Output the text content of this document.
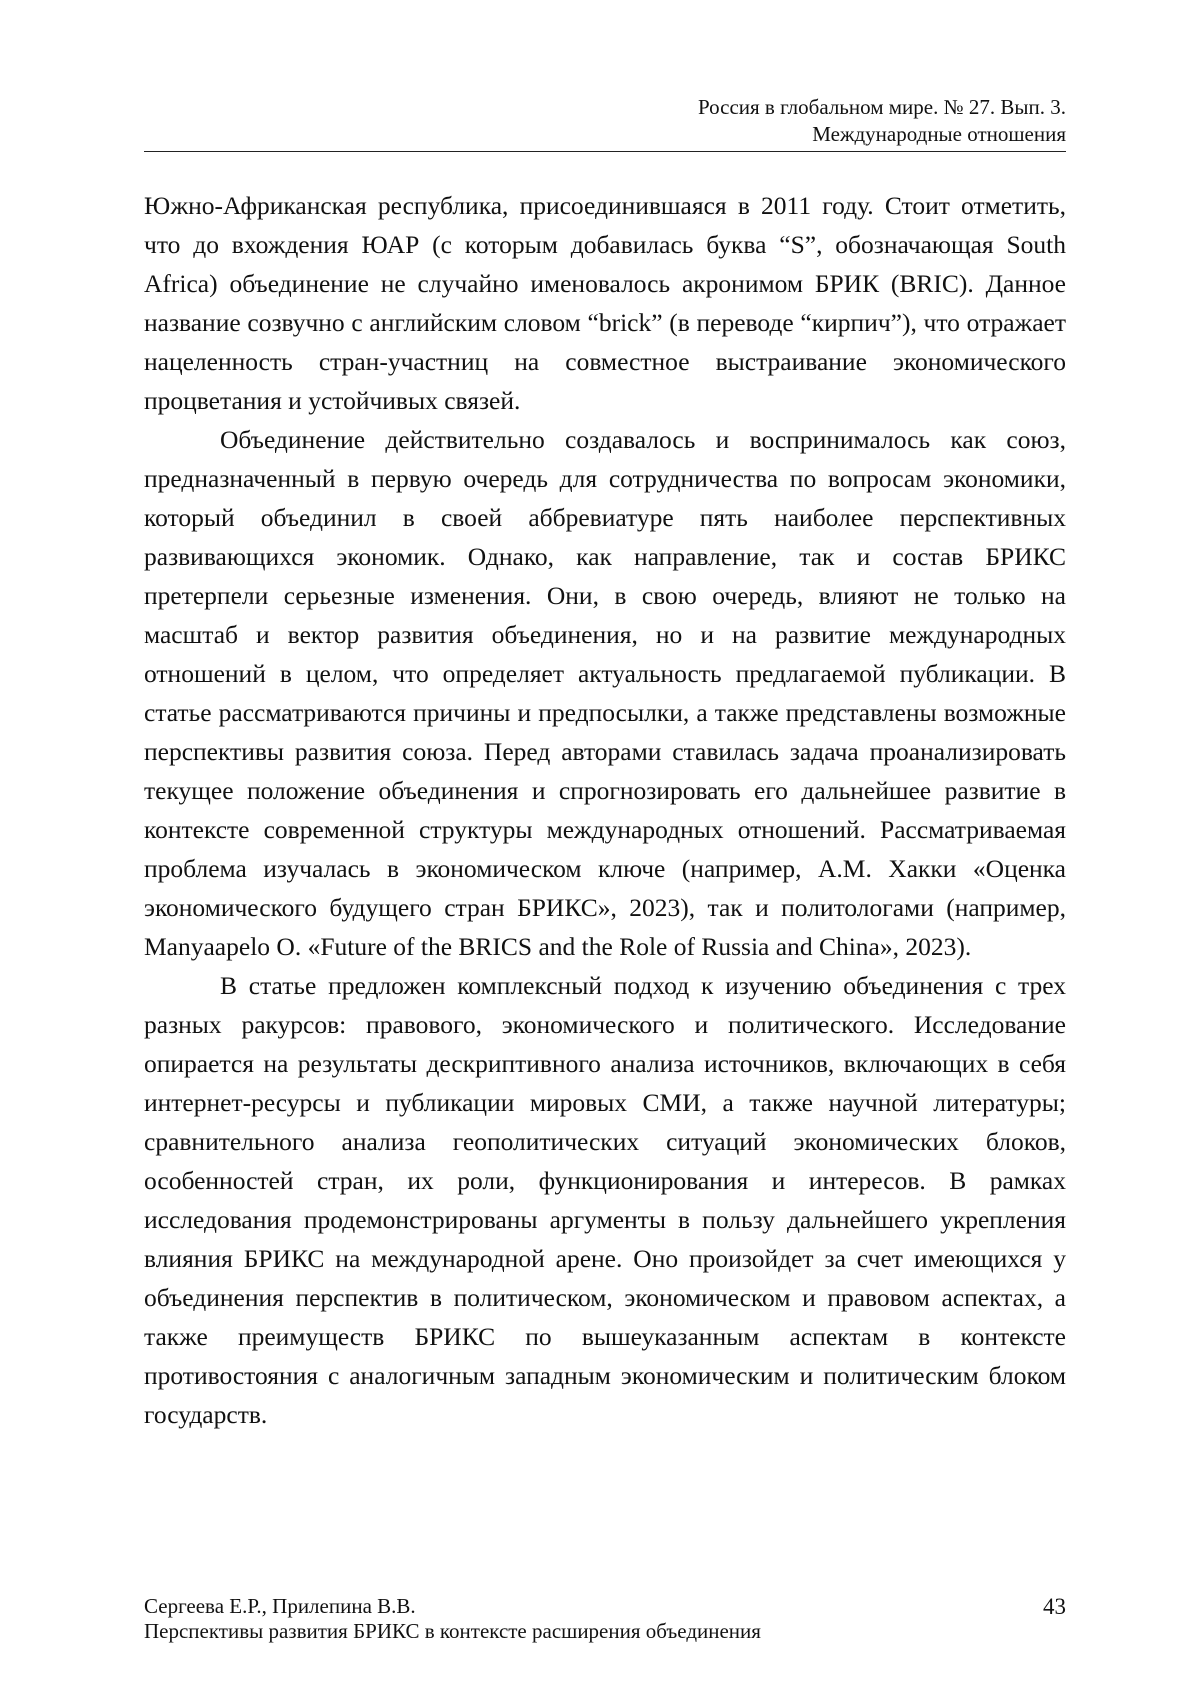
Россия в глобальном мире. № 27. Вып. 3.
Международные отношения

Южно-Африканская республика, присоединившаяся в 2011 году. Стоит отметить, что до вхождения ЮАР (с которым добавилась буква “S”, обозначающая South Africa) объединение не случайно именовалось акронимом БРИК (BRIC). Данное название созвучно с английским словом “brick” (в переводе “кирпич”), что отражает нацеленность стран-участниц на совместное выстраивание экономического процветания и устойчивых связей.

Объединение действительно создавалось и воспринималось как союз, предназначенный в первую очередь для сотрудничества по вопросам экономики, который объединил в своей аббревиатуре пять наиболее перспективных развивающихся экономик. Однако, как направление, так и состав БРИКС претерпели серьезные изменения. Они, в свою очередь, влияют не только на масштаб и вектор развития объединения, но и на развитие международных отношений в целом, что определяет актуальность предлагаемой публикации. В статье рассматриваются причины и предпосылки, а также представлены возможные перспективы развития союза. Перед авторами ставилась задача проанализировать текущее положение объединения и спрогнозировать его дальнейшее развитие в контексте современной структуры международных отношений. Рассматриваемая проблема изучалась в экономическом ключе (например, А.М. Хакки «Оценка экономического будущего стран БРИКС», 2023), так и политологами (например, Manyaapelo O. «Future of the BRICS and the Role of Russia and China», 2023).

В статье предложен комплексный подход к изучению объединения с трех разных ракурсов: правового, экономического и политического. Исследование опирается на результаты дескриптивного анализа источников, включающих в себя интернет-ресурсы и публикации мировых СМИ, а также научной литературы; сравнительного анализа геополитических ситуаций экономических блоков, особенностей стран, их роли, функционирования и интересов. В рамках исследования продемонстрированы аргументы в пользу дальнейшего укрепления влияния БРИКС на международной арене. Оно произойдет за счет имеющихся у объединения перспектив в политическом, экономическом и правовом аспектах, а также преимуществ БРИКС по вышеуказанным аспектам в контексте противостояния с аналогичным западным экономическим и политическим блоком государств.

Сергеева Е.Р., Прилепина В.В.
Перспективы развития БРИКС в контексте расширения объединения
43
